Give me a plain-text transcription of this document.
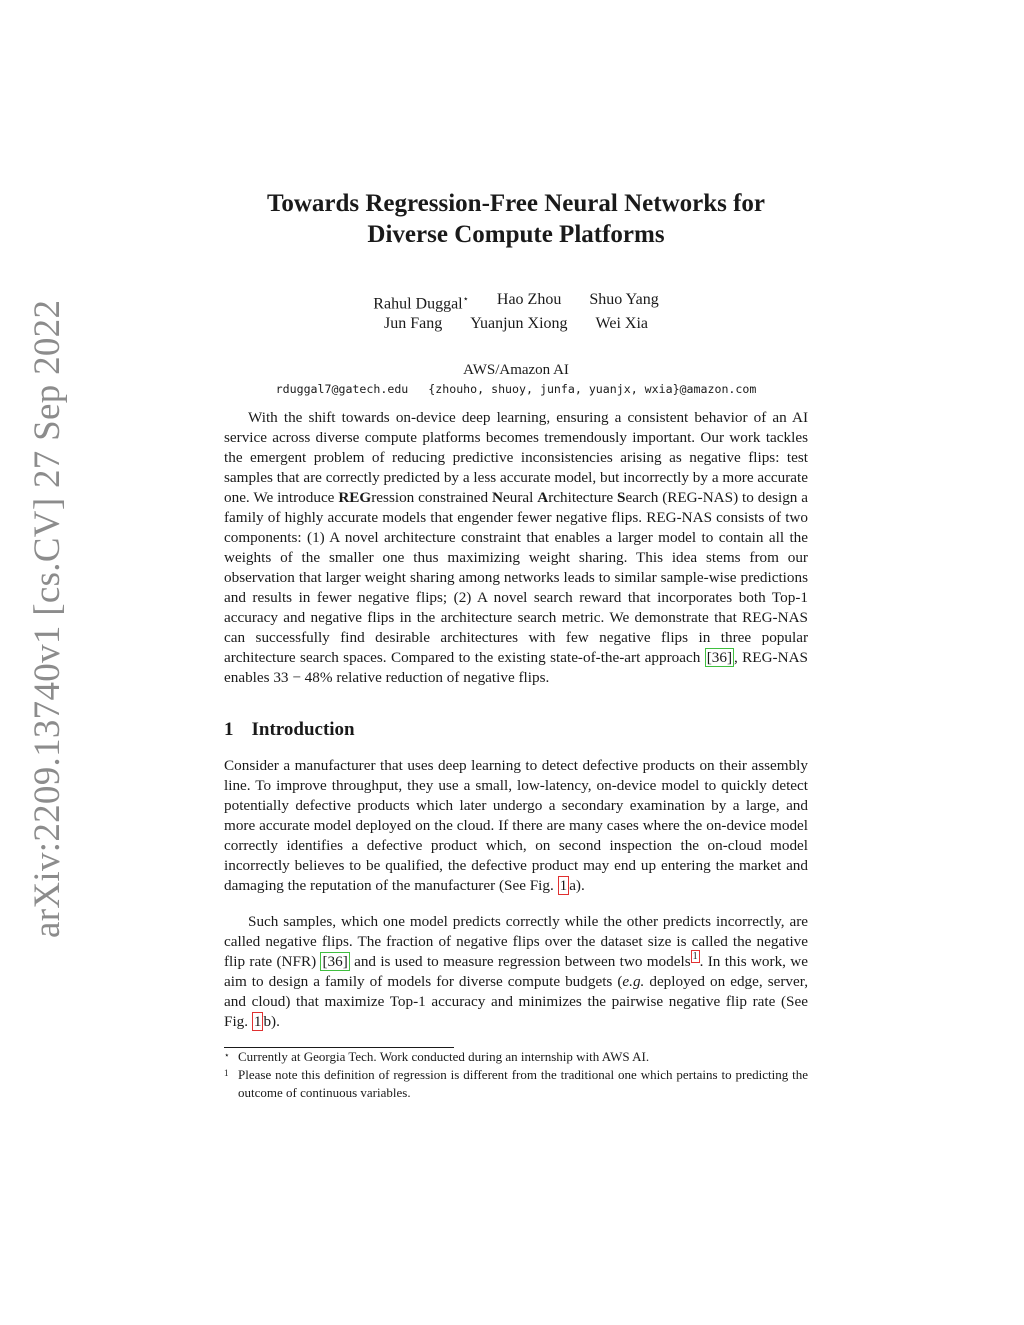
arXiv:2209.13740v1 [cs.CV] 27 Sep 2022
Towards Regression-Free Neural Networks for
Diverse Compute Platforms
Rahul Duggal⋆ Hao Zhou Shuo Yang
Jun Fang Yuanjun Xiong Wei Xia
AWS/Amazon AI
rduggal7@gatech.edu {zhouho, shuoy, junfa, yuanjx, wxia}@amazon.com

With the shift towards on-device deep learning, ensuring a consistent behavior of an AI service across diverse compute platforms becomes tremendously important. Our work tackles the emergent problem of reducing predictive inconsistencies arising as negative flips: test samples that are correctly predicted by a less accurate model, but incorrectly by a more accurate one. We introduce REGression constrained Neural Architecture Search (REG-NAS) to design a family of highly accurate models that engender fewer negative flips. REG-NAS consists of two components: (1) A novel architecture constraint that enables a larger model to contain all the weights of the smaller one thus maximizing weight sharing. This idea stems from our observation that larger weight sharing among networks leads to similar sample-wise predictions and results in fewer negative flips; (2) A novel search reward that incorporates both Top-1 accuracy and negative flips in the architecture search metric. We demonstrate that REG-NAS can successfully find desirable architectures with few negative flips in three popular architecture search spaces. Compared to the existing state-of-the-art approach [36] , REG-NAS enables 33 − 48% relative reduction of negative flips.

1 Introduction

Consider a manufacturer that uses deep learning to detect defective products on their assembly line. To improve throughput, they use a small, low-latency, on-device model to quickly detect potentially defective products which later undergo a secondary examination by a large, and more accurate model deployed on the cloud. If there are many cases where the on-device model correctly identifies a defective product which, on second inspection the on-cloud model incorrectly believes to be qualified, the defective product may end up entering the market and damaging the reputation of the manufacturer (See Fig. 1 a).

Such samples, which one model predicts correctly while the other predicts incorrectly, are called negative flips. The fraction of negative flips over the dataset size is called the negative flip rate (NFR) [36] and is used to measure regression between two models $^1$ . In this work, we aim to design a family of models for diverse compute budgets (e.g. deployed on edge, server, and cloud) that maximize Top-1 accuracy and minimizes the pairwise negative flip rate (See Fig. 1 b).

⋆ Currently at Georgia Tech. Work conducted during an internship with AWS AI.
1 Please note this definition of regression is different from the traditional one which pertains to predicting the outcome of continuous variables.
